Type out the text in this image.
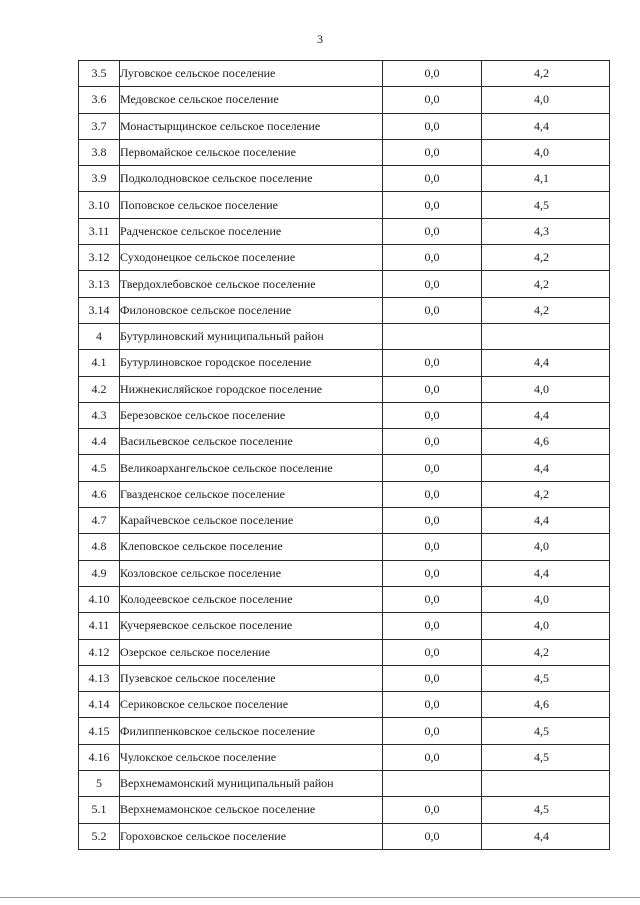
3
3.5	Луговское сельское поселение	0,0	4,2
3.6	Медовское сельское поселение	0,0	4,0
3.7	Монастырщинское сельское поселение	0,0	4,4
3.8	Первомайское сельское поселение	0,0	4,0
3.9	Подколодновское сельское поселение	0,0	4,1
3.10	Поповское сельское поселение	0,0	4,5
3.11	Радченское сельское поселение	0,0	4,3
3.12	Суходонецкое сельское поселение	0,0	4,2
3.13	Твердохлебовское сельское поселение	0,0	4,2
3.14	Филоновское сельское поселение	0,0	4,2
4	Бутурлиновский муниципальный район		
4.1	Бутурлиновское городское поселение	0,0	4,4
4.2	Нижнекисляйское городское поселение	0,0	4,0
4.3	Березовское сельское поселение	0,0	4,4
4.4	Васильевское сельское поселение	0,0	4,6
4.5	Великоархангельское сельское поселение	0,0	4,4
4.6	Гвазденское сельское поселение	0,0	4,2
4.7	Карайчевское сельское поселение	0,0	4,4
4.8	Клеповское сельское поселение	0,0	4,0
4.9	Козловское сельское поселение	0,0	4,4
4.10	Колодеевское сельское поселение	0,0	4,0
4.11	Кучеряевское сельское поселение	0,0	4,0
4.12	Озерское сельское поселение	0,0	4,2
4.13	Пузевское сельское поселение	0,0	4,5
4.14	Сериковское сельское поселение	0,0	4,6
4.15	Филиппенковское сельское поселение	0,0	4,5
4.16	Чулокское сельское поселение	0,0	4,5
5	Верхнемамонский муниципальный район		
5.1	Верхнемамонское сельское поселение	0,0	4,5
5.2	Гороховское сельское поселение	0,0	4,4
